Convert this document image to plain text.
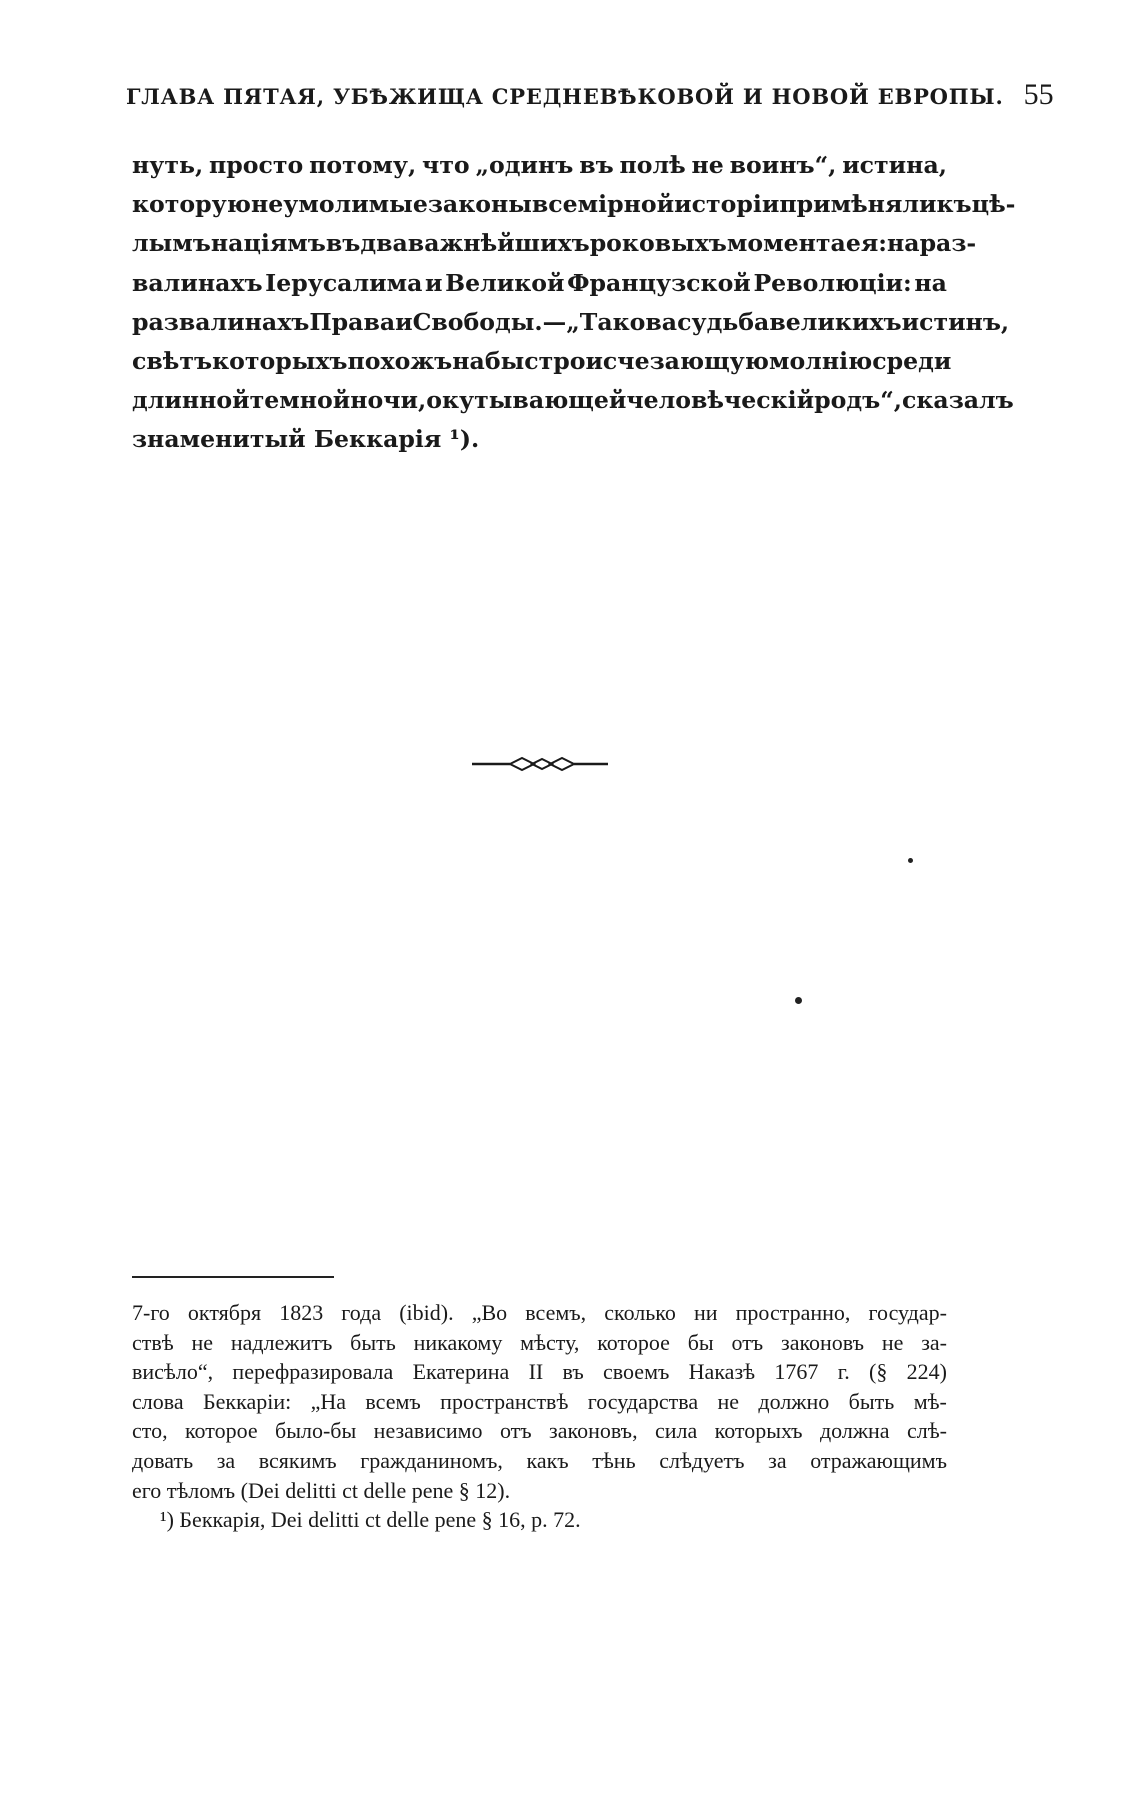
ГЛАВА ПЯТАЯ, УБѢЖИЩА СРЕДНЕВѢКОВОЙ И НОВОЙ ЕВРОПЫ. 55
нуть, просто потому, что „одинъ въ полѣ не воинъ“, истина,
которую неумолимые законы всемірной исторіи примѣняли къ цѣ-
лымъ націямъ въ два важнѣйшихъ роковыхъ момента ея: на раз-
валинахъ Іерусалима и Великой Французской Революціи: на
развалинахъ Права и Свободы. — „Такова судьба великихъ истинъ,
свѣтъ которыхъ похожъ на быстро исчезающую молнію среди
длинной темной ночи, окутывающей человѣческій родъ“, сказалъ
знаменитый Беккарія ¹).
7-го октября 1823 года (ibid). „Во всемъ, сколько ни пространно, государ-
ствѣ не надлежитъ быть никакому мѣсту, которое бы отъ законовъ не за-
висѣло“, перефразировала Екатерина II въ своемъ Наказѣ 1767 г. (§ 224)
слова Беккаріи: „На всемъ пространствѣ государства не должно быть мѣ-
сто, которое было-бы независимо отъ законовъ, сила которыхъ должна слѣ-
довать за всякимъ гражданиномъ, какъ тѣнь слѣдуетъ за отражающимъ
его тѣломъ (Dei delitti ct delle pene § 12).
¹) Беккарія, Dei delitti ct delle pene § 16, p. 72.
